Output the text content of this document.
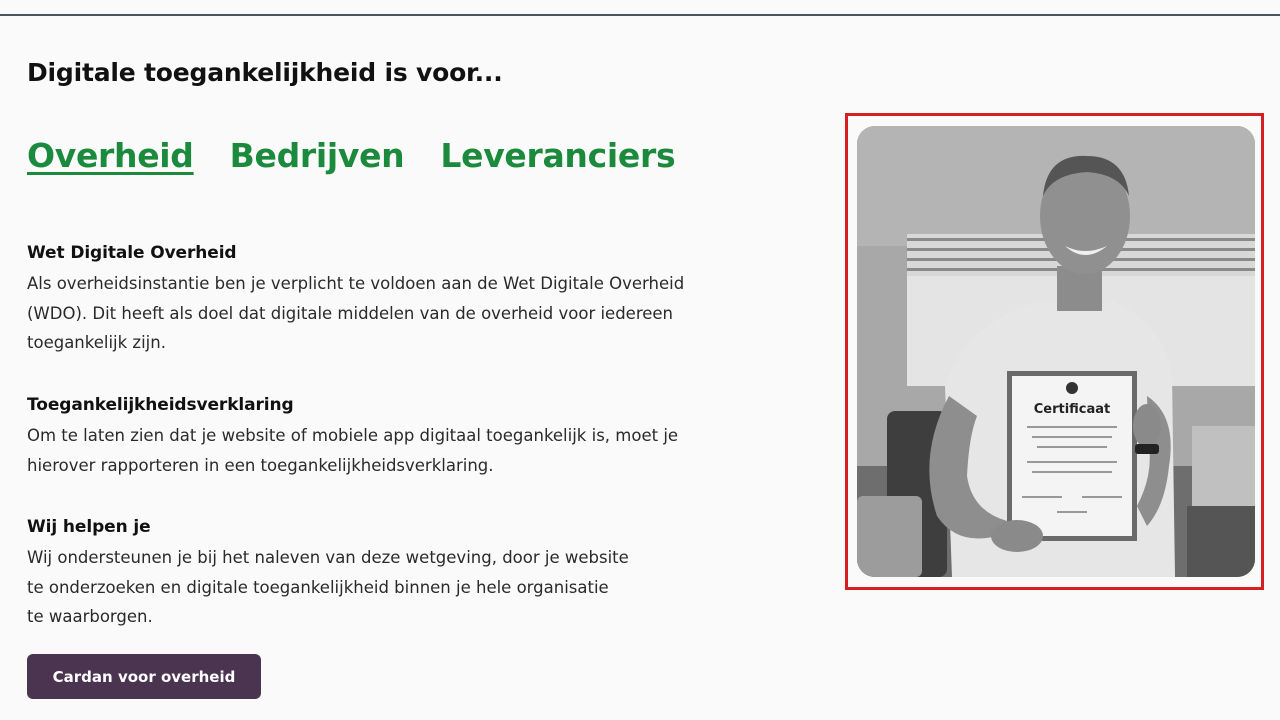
Digitale toegankelijkheid is voor...
Overheid Bedrijven Leveranciers
Wet Digitale Overheid

Als overheidsinstantie ben je verplicht te voldoen aan de Wet Digitale Overheid
(WDO). Dit heeft als doel dat digitale middelen van de overheid voor iedereen
toegankelijk zijn.

Toegankelijkheidsverklaring

Om te laten zien dat je website of mobiele app digitaal toegankelijk is, moet je
hierover rapporteren in een toegankelijkheidsverklaring.

Wij helpen je

Wij ondersteunen je bij het naleven van deze wetgeving, door je website
te onderzoeken en digitale toegankelijkheid binnen je hele organisatie
te waarborgen.

Cardan voor overheid
Certificaat
